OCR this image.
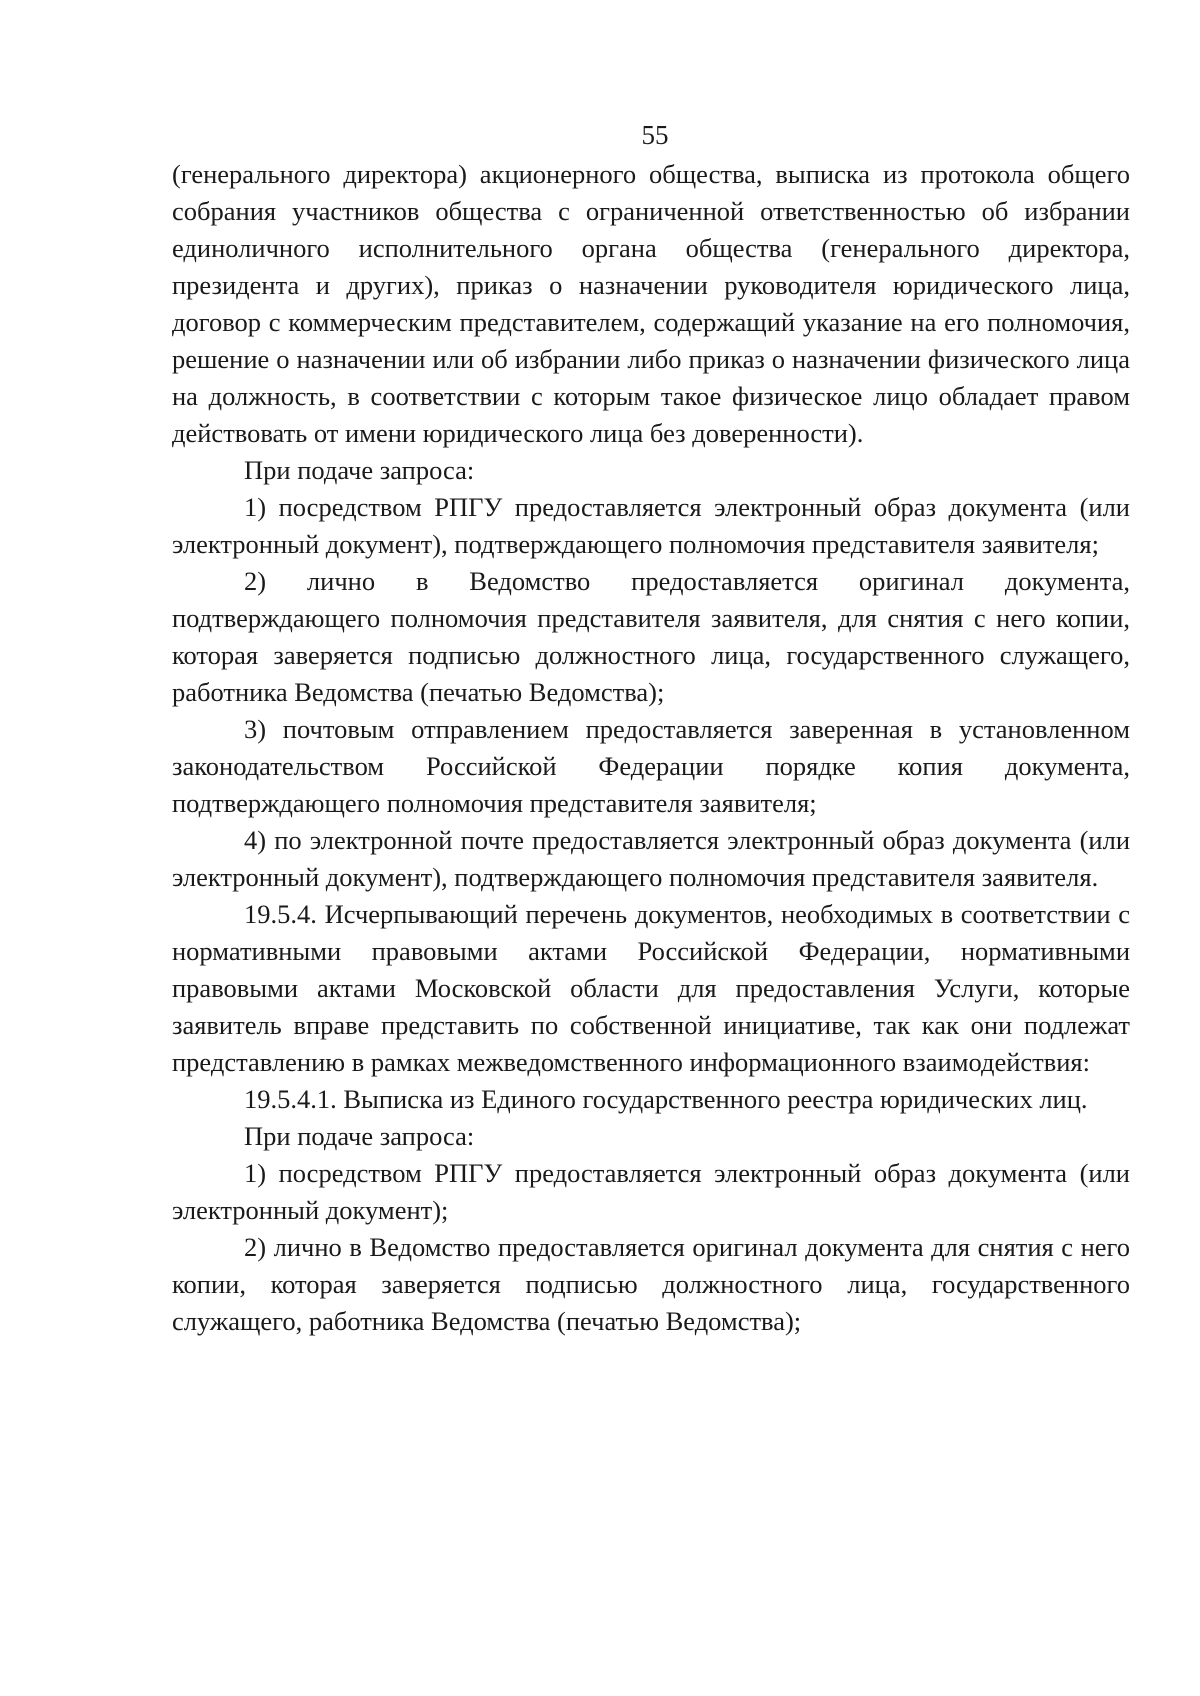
55

(генерального директора) акционерного общества, выписка из протокола общего собрания участников общества с ограниченной ответственностью об избрании единоличного исполнительного органа общества (генерального директора, президента и других), приказ о назначении руководителя юридического лица, договор с коммерческим представителем, содержащий указание на его полномочия, решение о назначении или об избрании либо приказ о назначении физического лица на должность, в соответствии с которым такое физическое лицо обладает правом действовать от имени юридического лица без доверенности).

При подаче запроса:

1) посредством РПГУ предоставляется электронный образ документа (или электронный документ), подтверждающего полномочия представителя заявителя;

2) лично в Ведомство предоставляется оригинал документа, подтверждающего полномочия представителя заявителя, для снятия с него копии, которая заверяется подписью должностного лица, государственного служащего, работника Ведомства (печатью Ведомства);

3) почтовым отправлением предоставляется заверенная в установленном законодательством Российской Федерации порядке копия документа, подтверждающего полномочия представителя заявителя;

4) по электронной почте предоставляется электронный образ документа (или электронный документ), подтверждающего полномочия представителя заявителя.

19.5.4. Исчерпывающий перечень документов, необходимых в соответствии с нормативными правовыми актами Российской Федерации, нормативными правовыми актами Московской области для предоставления Услуги, которые заявитель вправе представить по собственной инициативе, так как они подлежат представлению в рамках межведомственного информационного взаимодействия:

19.5.4.1. Выписка из Единого государственного реестра юридических лиц.

При подаче запроса:

1) посредством РПГУ предоставляется электронный образ документа (или электронный документ);

2) лично в Ведомство предоставляется оригинал документа для снятия с него копии, которая заверяется подписью должностного лица, государственного служащего, работника Ведомства (печатью Ведомства);
